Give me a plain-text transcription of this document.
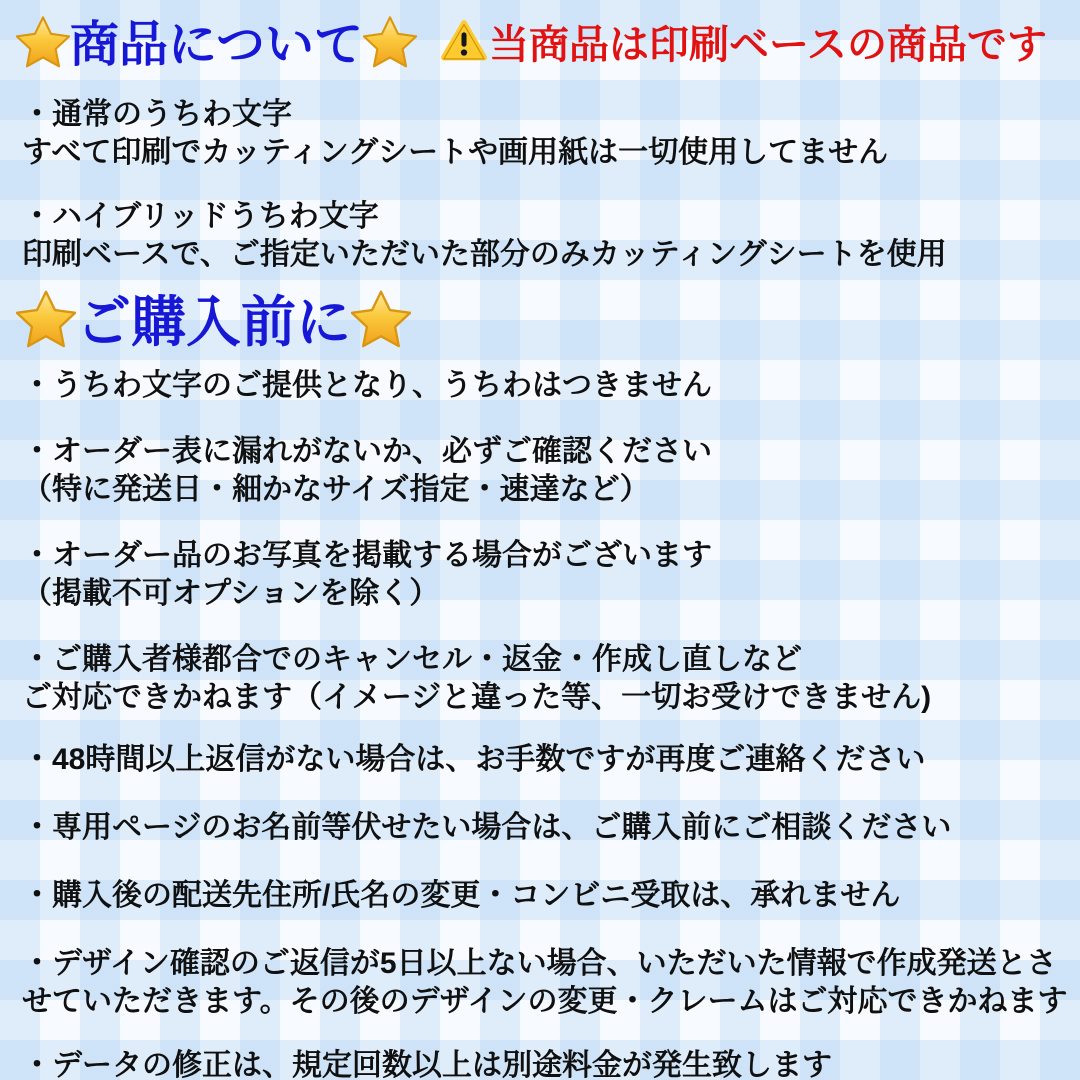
商品について	当商品は印刷ベースの商品です

・通常のうちわ文字
すべて印刷でカッティングシートや画用紙は一切使用してません

・ハイブリッドうちわ文字
印刷ベースで、ご指定いただいた部分のみカッティングシートを使用

ご購入前に

・うちわ文字のご提供となり、うちわはつきません

・オーダー表に漏れがないか、必ずご確認ください
（特に発送日・細かなサイズ指定・速達など）

・オーダー品のお写真を掲載する場合がございます
（掲載不可オプションを除く）

・ご購入者様都合でのキャンセル・返金・作成し直しなど
ご対応できかねます（イメージと違った等、一切お受けできません)

・48時間以上返信がない場合は、お手数ですが再度ご連絡ください

・専用ページのお名前等伏せたい場合は、ご購入前にご相談ください

・購入後の配送先住所/氏名の変更・コンビニ受取は、承れません

・デザイン確認のご返信が5日以上ない場合、いただいた情報で作成発送とさ
せていただきます。その後のデザインの変更・クレームはご対応できかねます

・データの修正は、規定回数以上は別途料金が発生致します
